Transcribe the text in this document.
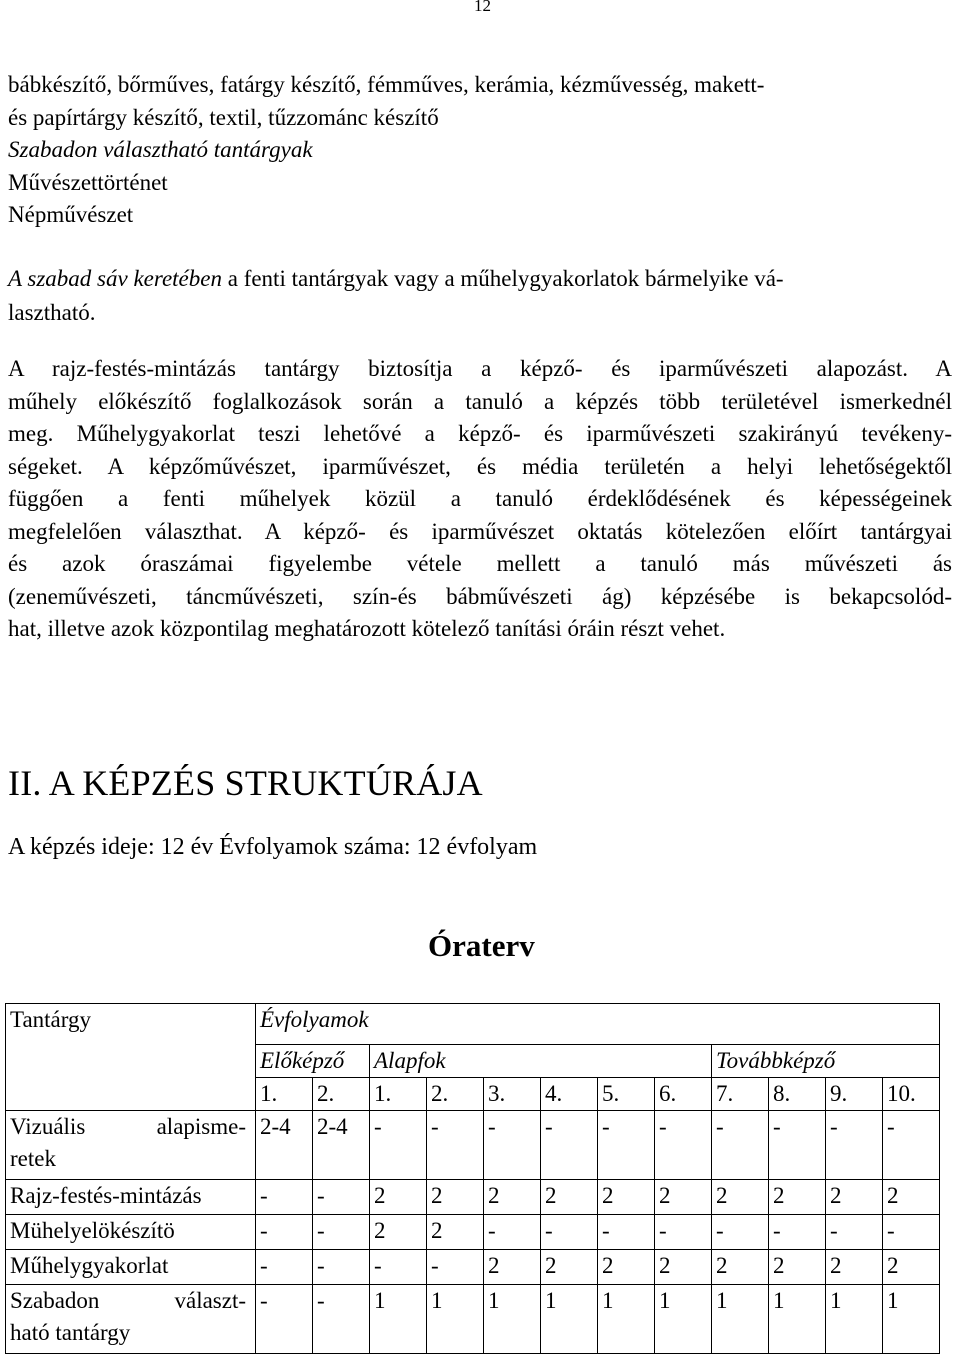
12
bábkészítő, bőrműves, fatárgy készítő, fémműves, kerámia, kézművesség, makett-
és papírtárgy készítő, textil, tűzzománc készítő
Szabadon választható tantárgyak
Művészettörténet
Népművészet
A szabad sáv keretében a fenti tantárgyak vagy a műhelygyakorlatok bármelyike vá-
lasztható.
A rajz-festés-mintázás tantárgy biztosítja a képző- és iparművészeti alapozást. A
műhely előkészítő foglalkozások során a tanuló a képzés több területével ismerkednél
meg. Műhelygyakorlat teszi lehetővé a képző- és iparművészeti szakirányú tevékeny-
ségeket. A képzőművészet, iparművészet, és média területén a helyi lehetőségektől
függően a fenti műhelyek közül a tanuló érdeklődésének és képességeinek
megfelelően választhat. A képző- és iparművészet oktatás kötelezően előírt tantárgyai
és azok óraszámai figyelembe vétele mellett a tanuló más művészeti ás
(zeneművészeti, táncművészeti, szín-és bábművészeti ág) képzésébe is bekapcsolód-
hat, illetve azok központilag meghatározott kötelező tanítási óráin részt vehet.
II. A KÉPZÉS STRUKTÚRÁJA
A képzés ideje: 12 év Évfolyamok száma: 12 évfolyam
Óraterv
Tantárgy	Évfolyamok											
	Előképző		Alapfok						Továbbképző			
	1.	2.	1.	2.	3.	4.	5.	6.	7.	8.	9.	10.

Vizuális alapisme-
retek	2-4	2-4	-	-	-	-	-	-	-	-	-	-
Rajz-festés-mintázás	-	-	2	2	2	2	2	2	2	2	2	2
Mühelyelökészítö	-	-	2	2	-	-	-	-	-	-	-	-
Műhelygyakorlat	-	-	-	-	2	2	2	2	2	2	2	2

Szabadon választ-
ható tantárgy	-	-	1	1	1	1	1	1	1	1	1	1
